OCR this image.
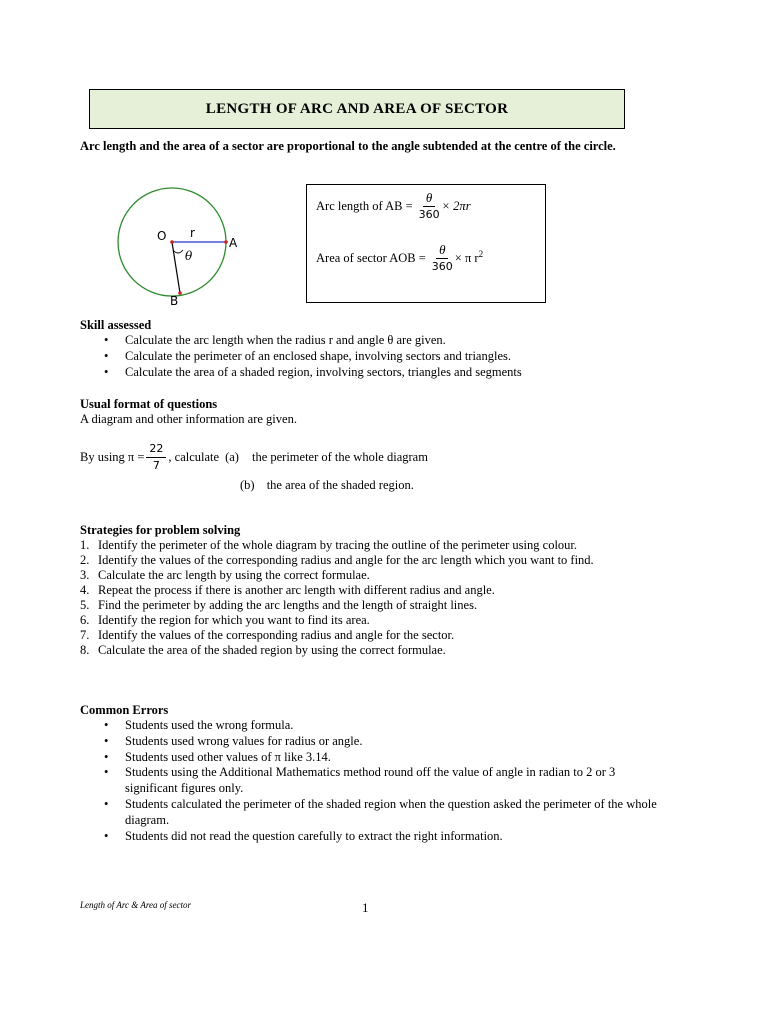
LENGTH OF ARC AND AREA OF SECTOR
Arc length and the area of a sector are proportional to the angle subtended at the centre of the circle.
O r
A
B
θ
Arc length of AB = $\frac{\theta}{360} \times 2\pi r$
Area of sector AOB = $\frac{\theta}{360} \times \pi$ $r^2$
Skill assessed
• Calculate the arc length when the radius r and angle θ are given.
• Calculate the perimeter of an enclosed shape, involving sectors and triangles.
• Calculate the area of a shaded region, involving sectors, triangles and segments
Usual format of questions
A diagram and other information are given.
By using $\pi = \frac{22}{7}$ , calculate (a) the perimeter of the whole diagram
(b) the area of the shaded region.
Strategies for problem solving
1. Identify the perimeter of the whole diagram by tracing the outline of the perimeter using colour.
2. Identify the values of the corresponding radius and angle for the arc length which you want to find.
3. Calculate the arc length by using the correct formulae.
4. Repeat the process if there is another arc length with different radius and angle.
5. Find the perimeter by adding the arc lengths and the length of straight lines.
6. Identify the region for which you want to find its area.
7. Identify the values of the corresponding radius and angle for the sector.
8. Calculate the area of the shaded region by using the correct formulae.
Common Errors
• Students used the wrong formula.
• Students used wrong values for radius or angle.
• Students used other values of π like 3.14.
• Students using the Additional Mathematics method round off the value of angle in radian to 2 or 3 significant figures only.
• Students calculated the perimeter of the shaded region when the question asked the perimeter of the whole diagram.
• Students did not read the question carefully to extract the right information.
Length of Arc & Area of sector	1
